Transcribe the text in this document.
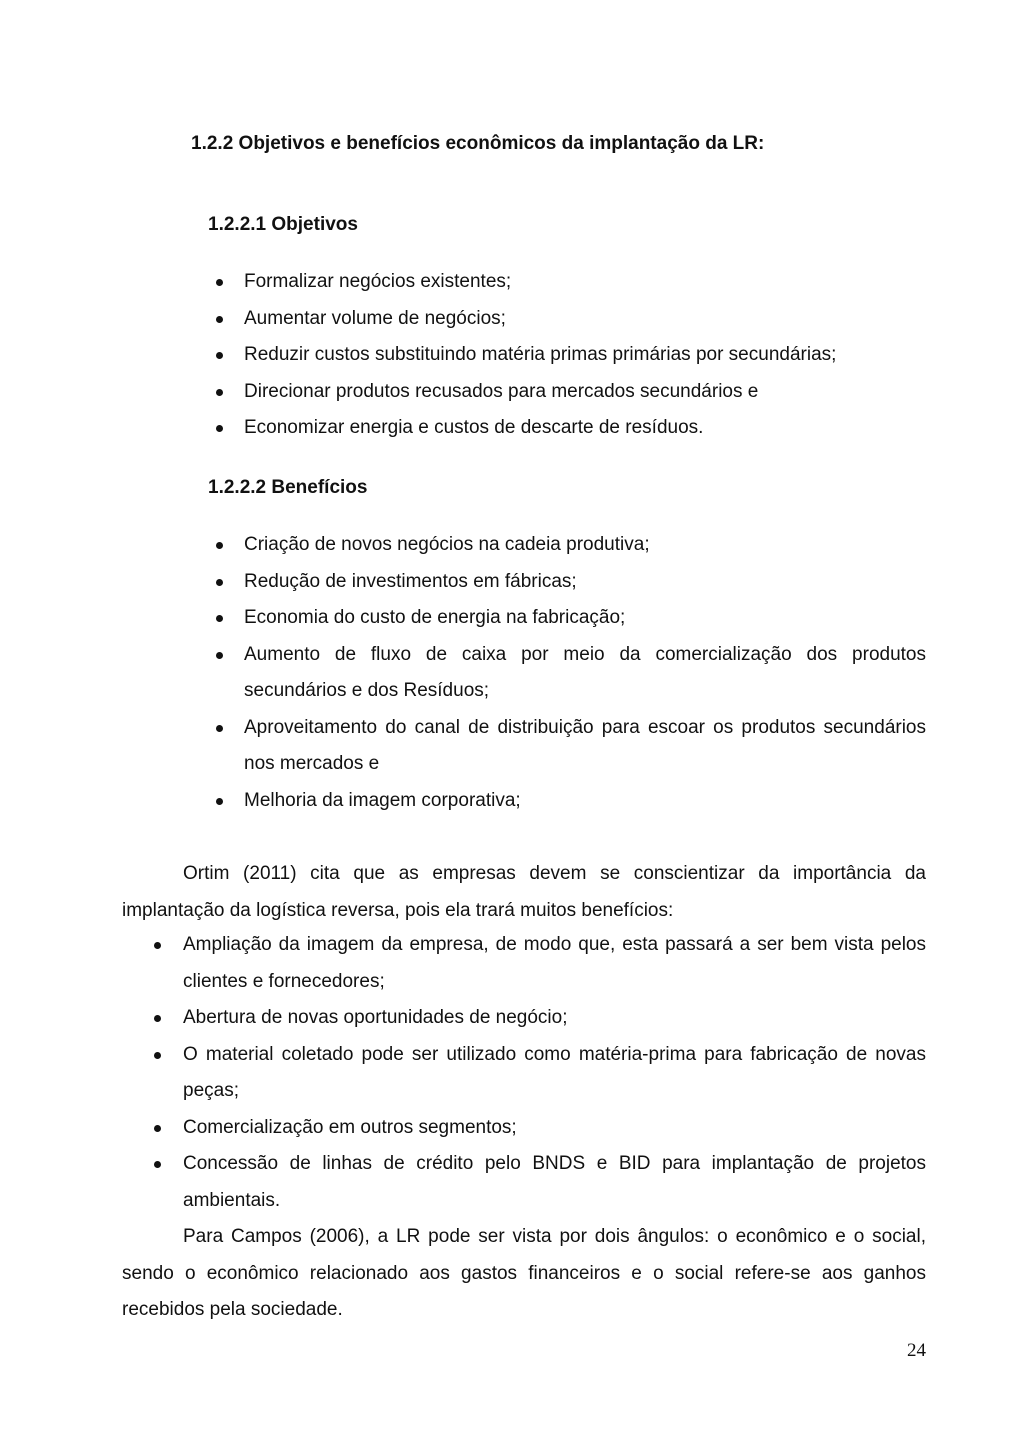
1.2.2 Objetivos e benefícios econômicos da implantação da LR:
1.2.2.1 Objetivos
Formalizar negócios existentes;
Aumentar volume de negócios;
Reduzir custos substituindo matéria primas primárias por secundárias;
Direcionar produtos recusados para mercados secundários e
Economizar energia e custos de descarte de resíduos.
1.2.2.2 Benefícios
Criação de novos negócios na cadeia produtiva;
Redução de investimentos em fábricas;
Economia do custo de energia na fabricação;
Aumento de fluxo de caixa por meio da comercialização dos produtos secundários e dos Resíduos;
Aproveitamento do canal de distribuição para escoar os produtos secundários nos mercados e
Melhoria da imagem corporativa;

Ortim (2011) cita que as empresas devem se conscientizar da importância da implantação da logística reversa, pois ela trará muitos benefícios:

Ampliação da imagem da empresa, de modo que, esta passará a ser bem vista pelos clientes e fornecedores;
Abertura de novas oportunidades de negócio;
O material coletado pode ser utilizado como matéria-prima para fabricação de novas peças;
Comercialização em outros segmentos;
Concessão de linhas de crédito pelo BNDS e BID para implantação de projetos ambientais.

Para Campos (2006), a LR pode ser vista por dois ângulos: o econômico e o social, sendo o econômico relacionado aos gastos financeiros e o social refere-se aos ganhos recebidos pela sociedade.

24
